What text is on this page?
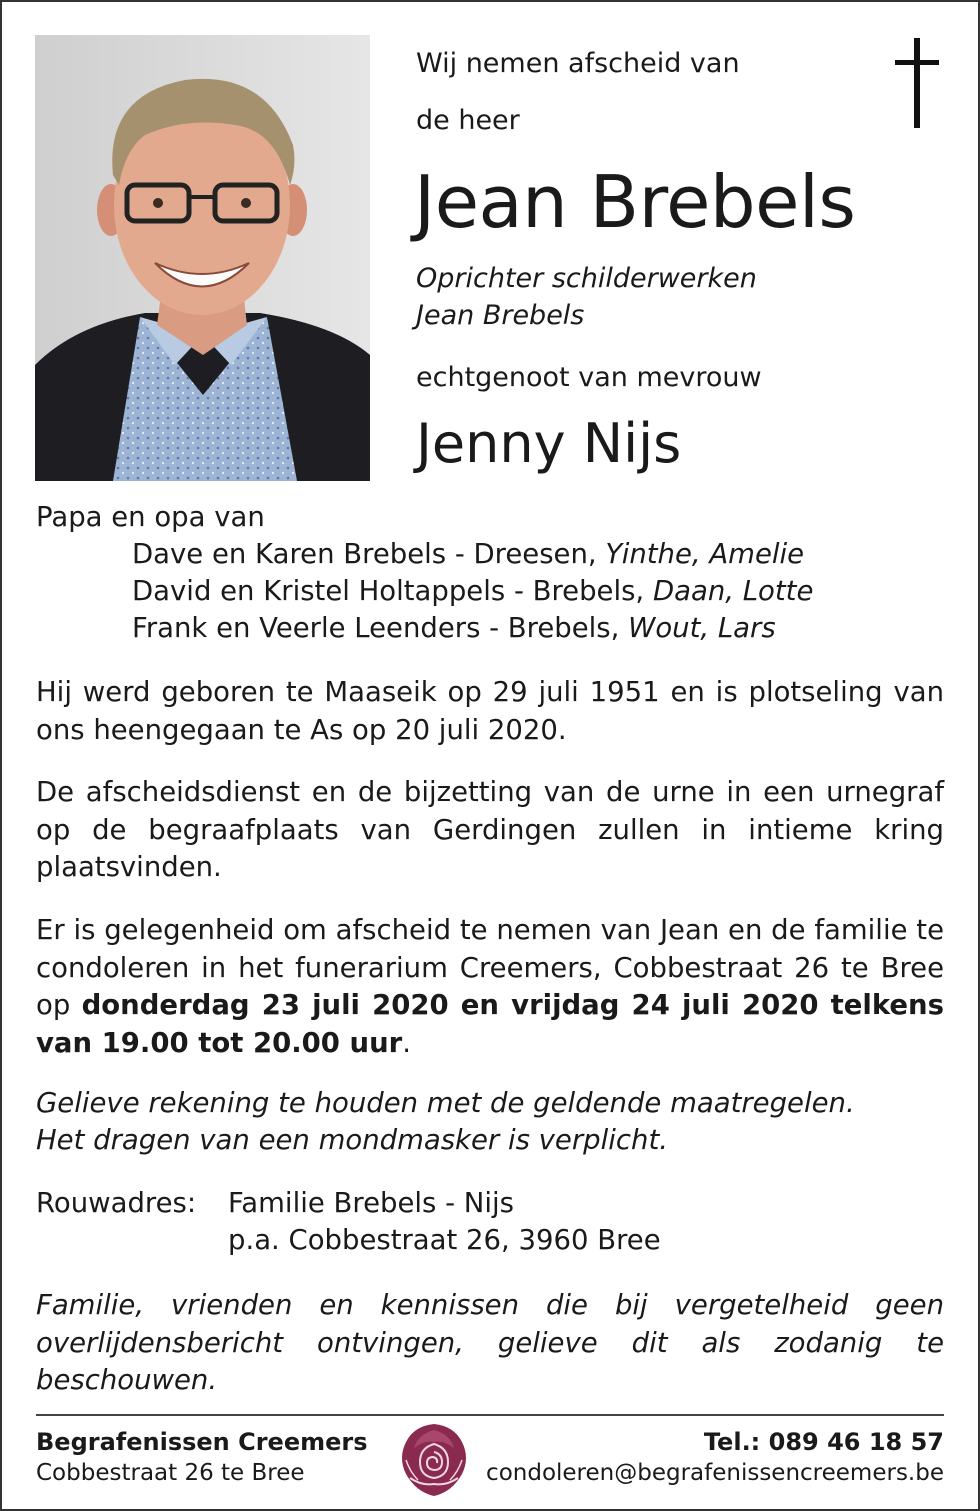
Wij nemen afscheid van
de heer
Jean Brebels
Oprichter schilderwerken
Jean Brebels
echtgenoot van mevrouw
Jenny Nijs
Papa en opa van
Dave en Karen Brebels - Dreesen, Yinthe, Amelie
David en Kristel Holtappels - Brebels, Daan, Lotte
Frank en Veerle Leenders - Brebels, Wout, Lars
Hij werd geboren te Maaseik op 29 juli 1951 en is plotseling van ons heengegaan te As op 20 juli 2020.
De afscheidsdienst en de bijzetting van de urne in een urnegraf op de begraafplaats van Gerdingen zullen in intieme kring plaatsvinden.
Er is gelegenheid om afscheid te nemen van Jean en de familie te condoleren in het funerarium Creemers, Cobbestraat 26 te Bree op donderdag 23 juli 2020 en vrijdag 24 juli 2020 telkens van 19.00 tot 20.00 uur.
Gelieve rekening te houden met de geldende maatregelen.
Het dragen van een mondmasker is verplicht.
Rouwadres: Familie Brebels - Nijs
p.a. Cobbestraat 26, 3960 Bree
Familie, vrienden en kennissen die bij vergetelheid geen overlijdensbericht ontvingen, gelieve dit als zodanig te beschouwen.
Begrafenissen Creemers
Cobbestraat 26 te Bree
Tel.: 089 46 18 57
condoleren@begrafenissencreemers.be
